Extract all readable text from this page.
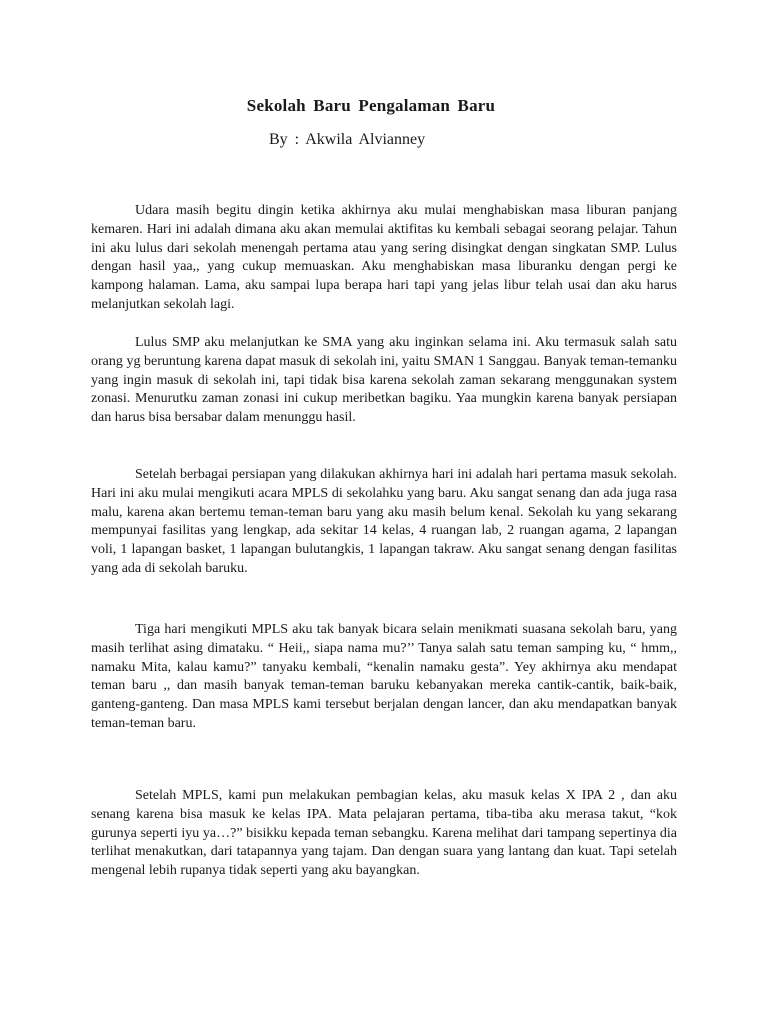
Sekolah Baru Pengalaman Baru

By : Akwila Alvianney

Udara masih begitu dingin ketika akhirnya aku mulai menghabiskan masa liburan panjang kemaren. Hari ini adalah dimana aku akan memulai aktifitas ku kembali sebagai seorang pelajar. Tahun ini aku lulus dari sekolah menengah pertama atau yang sering disingkat dengan singkatan SMP. Lulus dengan hasil yaa,, yang cukup memuaskan. Aku menghabiskan masa liburanku dengan pergi ke kampong halaman. Lama, aku sampai lupa berapa hari tapi yang jelas libur telah usai dan aku harus melanjutkan sekolah lagi.

Lulus SMP aku melanjutkan ke SMA yang aku inginkan selama ini. Aku termasuk salah satu orang yg beruntung karena dapat masuk di sekolah ini, yaitu SMAN 1 Sanggau. Banyak teman-temanku yang ingin masuk di sekolah ini, tapi tidak bisa karena sekolah zaman sekarang menggunakan system zonasi. Menurutku zaman zonasi ini cukup meribetkan bagiku. Yaa mungkin karena banyak persiapan dan harus bisa bersabar dalam menunggu hasil.

Setelah berbagai persiapan yang dilakukan akhirnya hari ini adalah hari pertama masuk sekolah. Hari ini aku mulai mengikuti acara MPLS di sekolahku yang baru. Aku sangat senang dan ada juga rasa malu, karena akan bertemu teman-teman baru yang aku masih belum kenal. Sekolah ku yang sekarang mempunyai fasilitas yang lengkap, ada sekitar 14 kelas, 4 ruangan lab, 2 ruangan agama, 2 lapangan voli, 1 lapangan basket, 1 lapangan bulutangkis, 1 lapangan takraw. Aku sangat senang dengan fasilitas yang ada di sekolah baruku.

Tiga hari mengikuti MPLS aku tak banyak bicara selain menikmati suasana sekolah baru, yang masih terlihat asing dimataku. “ Heii,, siapa nama mu?’’ Tanya salah satu teman samping ku, “ hmm,, namaku Mita, kalau kamu?” tanyaku kembali, “kenalin namaku gesta”. Yey akhirnya aku mendapat teman baru ,, dan masih banyak teman-teman baruku kebanyakan mereka cantik-cantik, baik-baik, ganteng-ganteng. Dan masa MPLS kami tersebut berjalan dengan lancer, dan aku mendapatkan banyak teman-teman baru.

Setelah MPLS, kami pun melakukan pembagian kelas, aku masuk kelas X IPA 2 , dan aku senang karena bisa masuk ke kelas IPA. Mata pelajaran pertama, tiba-tiba aku merasa takut, “kok gurunya seperti iyu ya…?” bisikku kepada teman sebangku. Karena melihat dari tampang sepertinya dia terlihat menakutkan, dari tatapannya yang tajam. Dan dengan suara yang lantang dan kuat. Tapi setelah mengenal lebih rupanya tidak seperti yang aku bayangkan.
